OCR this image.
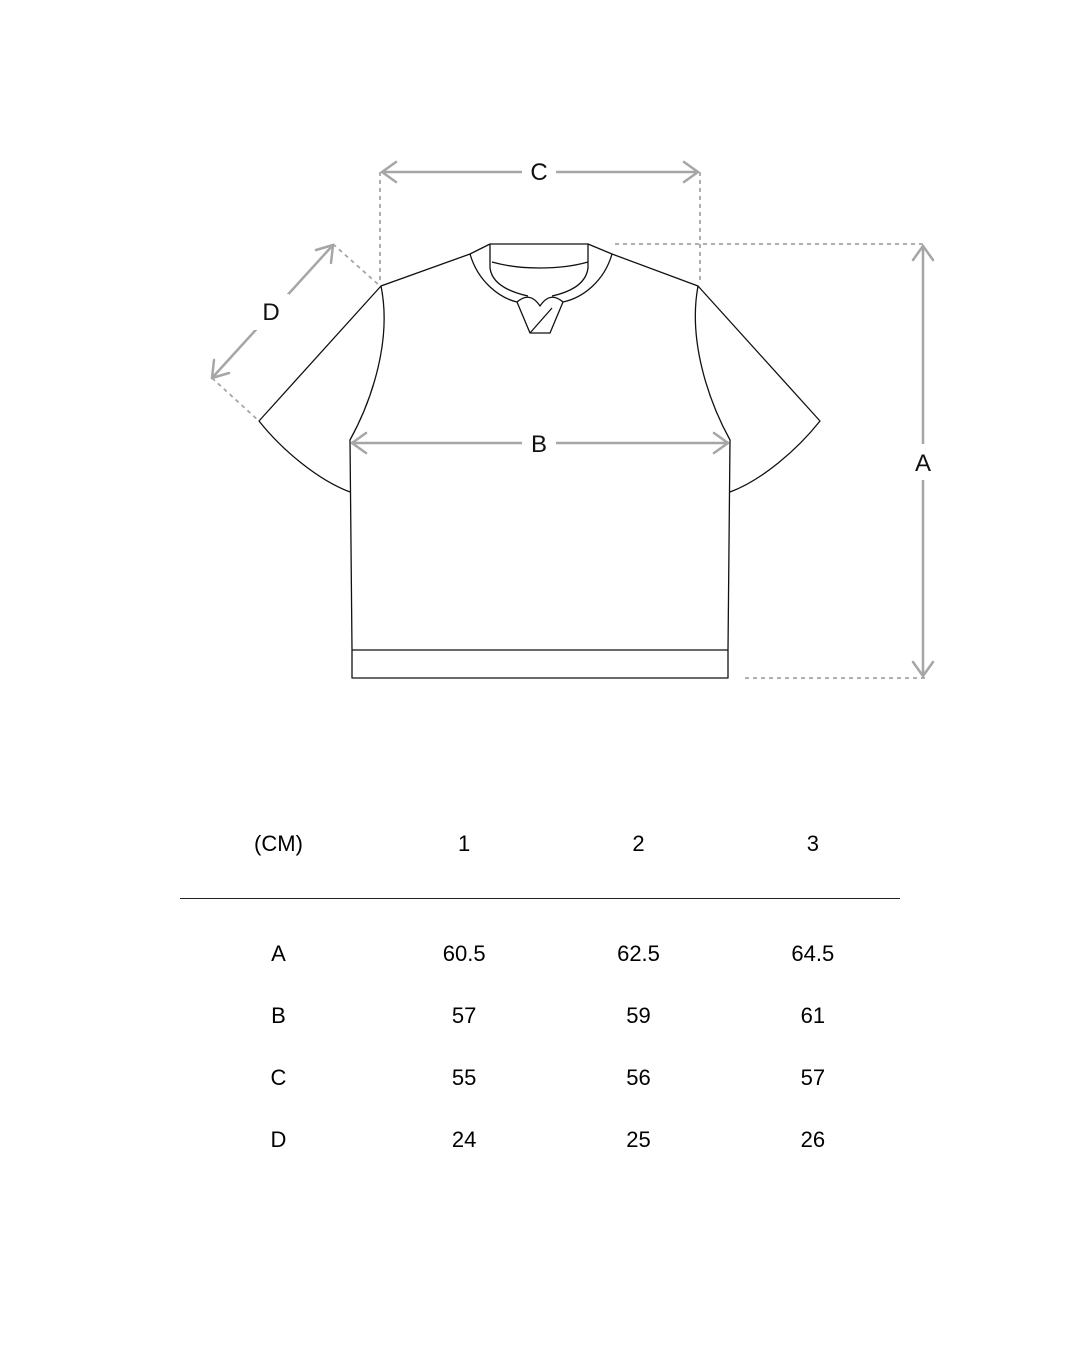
C
B
A
D
(CM)	1	2	3
A	60.5	62.5	64.5
B	57	59	61
C	55	56	57
D	24	25	26
